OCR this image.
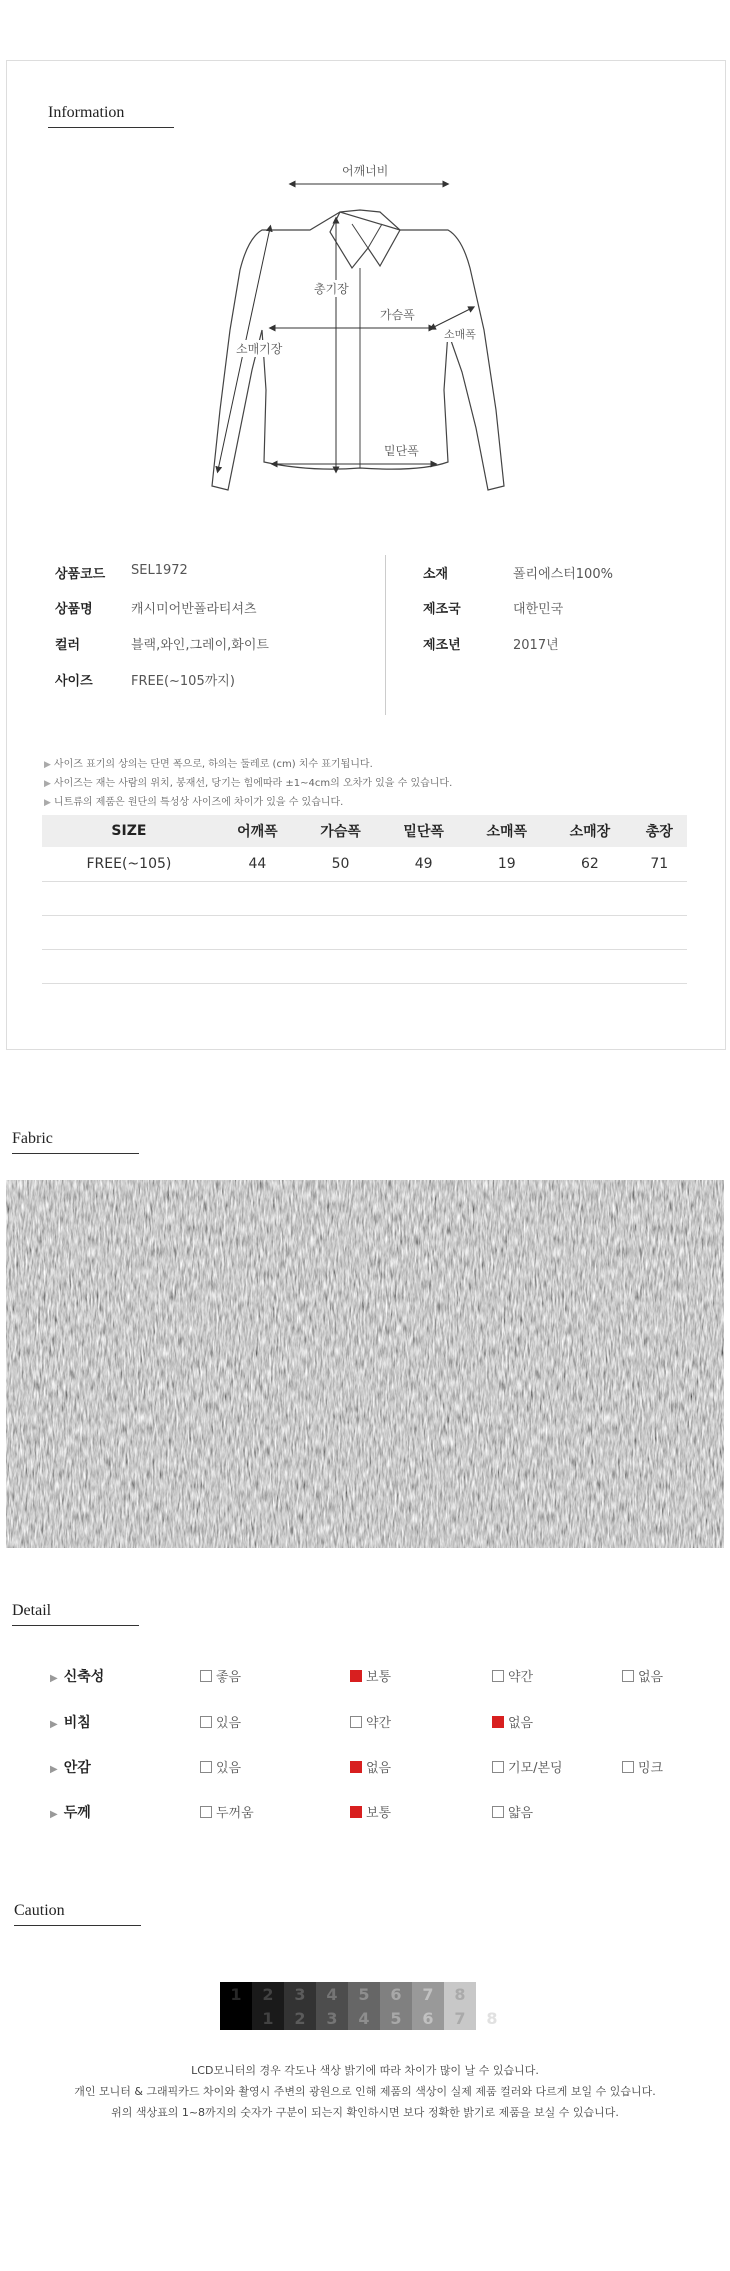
Information
어깨너비
총기장
가슴폭
소매기장
소매폭
밑단폭
상품코드 SEL1972
상품명	캐시미어반폴라티셔츠
컬러	블랙,와인,그레이,화이트
사이즈	FREE(~105까지)
소재	폴리에스터100%
제조국	대한민국
제조년	2017년
▶ 사이즈 표기의 상의는 단면 폭으로, 하의는 둘레로 (cm) 치수 표기됩니다.
▶ 사이즈는 재는 사람의 위치, 봉재선, 당기는 힘에따라 ±1~4cm의 오차가 있을 수 있습니다.
▶ 니트류의 제품은 원단의 특성상 사이즈에 차이가 있을 수 있습니다.
SIZE	어깨폭	가슴폭	밑단폭	소매폭	소매장	총장
FREE(~105)	44	50	49	19	62	71

Fabric
Detail
▶ 신축성	좋음	보통	약간	없음
▶ 비침	있음	약간	없음
▶ 안감	있음	없음	기모/본딩	밍크
▶ 두께	두꺼움	보통	얇음
Caution
1	2	3	4	5	6	7	8
1	2	3	4	5	6	7	8
LCD모니터의 경우 각도나 색상 밝기에 따라 차이가 많이 날 수 있습니다.
개인 모니터 & 그래픽카드 차이와 촬영시 주변의 광원으로 인해 제품의 색상이 실제 제품 컬러와 다르게 보일 수 있습니다.
위의 색상표의 1~8까지의 숫자가 구분이 되는지 확인하시면 보다 정확한 밝기로 제품을 보실 수 있습니다.
